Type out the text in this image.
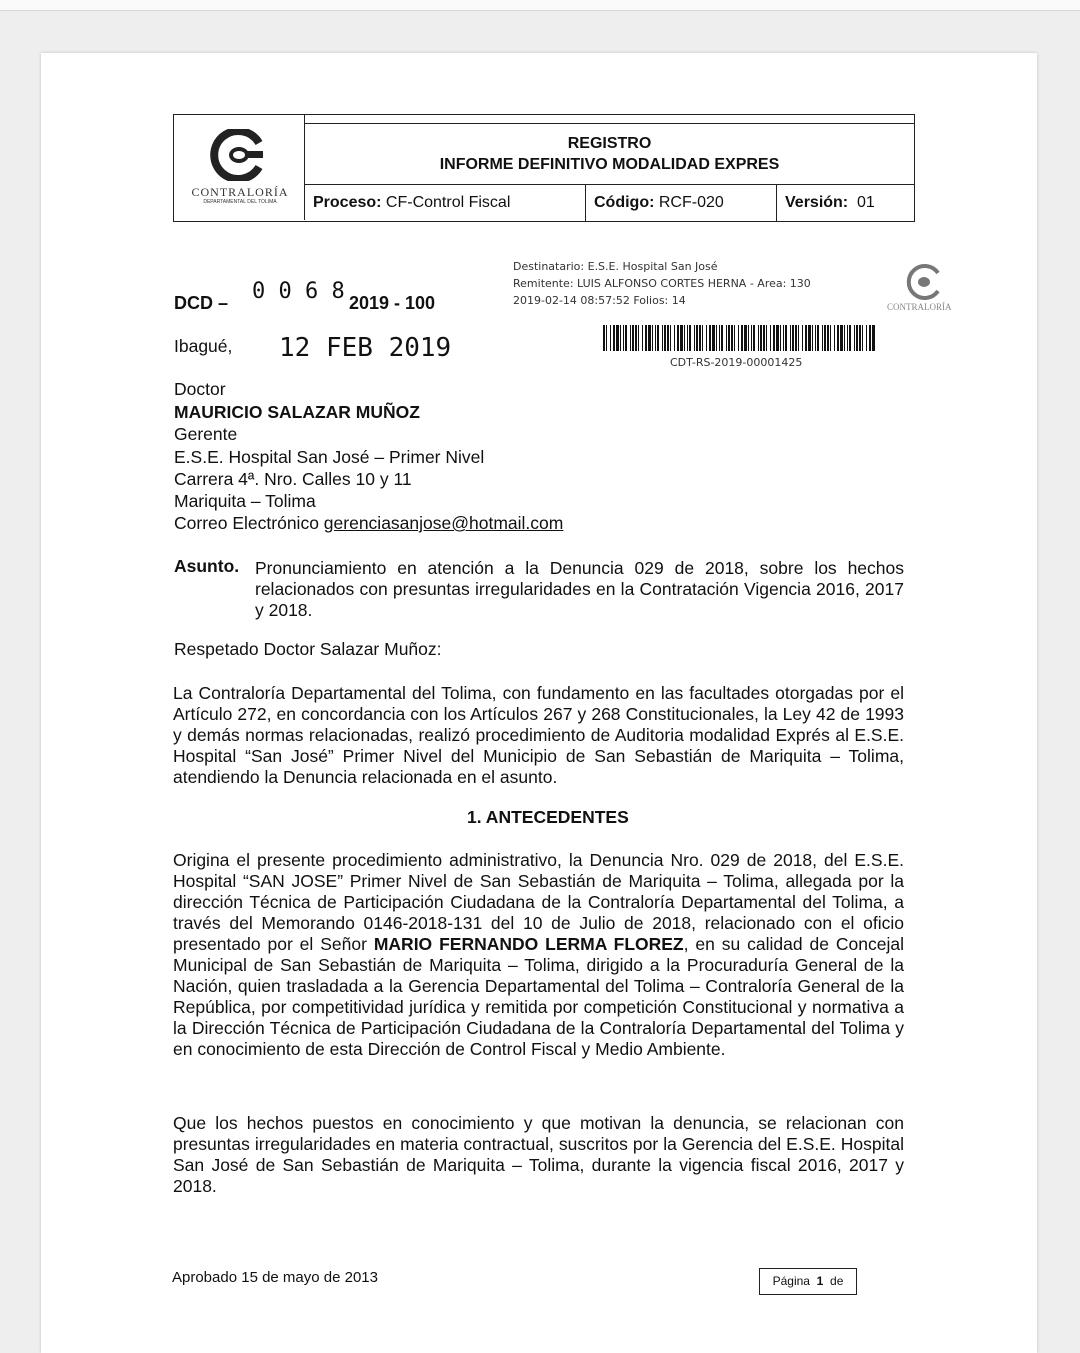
CONTRALORÍA
DEPARTAMENTAL DEL TOLIMA
REGISTRO
INFORME DEFINITIVO MODALIDAD EXPRES
Proceso: CF-Control Fiscal	Código: RCF-020	Versión: 01
DCD – 0 0 6 8 2019 - 100
Destinatario: E.S.E. Hospital San José
Remitente: LUIS ALFONSO CORTES HERNA - Area: 130
2019-02-14 08:57:52 Folios: 14	CONTRALORÍA
CDT-RS-2019-00001425
Ibagué, 12 FEB 2019
Doctor
MAURICIO SALAZAR MUÑOZ
Gerente
E.S.E. Hospital San José – Primer Nivel
Carrera 4ª. Nro. Calles 10 y 11
Mariquita – Tolima
Correo Electrónico gerenciasanjose@hotmail.com
Asunto. Pronunciamiento en atención a la Denuncia 029 de 2018, sobre los hechos relacionados con presuntas irregularidades en la Contratación Vigencia 2016, 2017 y 2018.
Respetado Doctor Salazar Muñoz:
La Contraloría Departamental del Tolima, con fundamento en las facultades otorgadas por el Artículo 272, en concordancia con los Artículos 267 y 268 Constitucionales, la Ley 42 de 1993 y demás normas relacionadas, realizó procedimiento de Auditoria modalidad Exprés al E.S.E. Hospital “San José” Primer Nivel del Municipio de San Sebastián de Mariquita – Tolima, atendiendo la Denuncia relacionada en el asunto.
1. ANTECEDENTES
Origina el presente procedimiento administrativo, la Denuncia Nro. 029 de 2018, del E.S.E. Hospital “SAN JOSE” Primer Nivel de San Sebastián de Mariquita – Tolima, allegada por la dirección Técnica de Participación Ciudadana de la Contraloría Departamental del Tolima, a través del Memorando 0146-2018-131 del 10 de Julio de 2018, relacionado con el oficio presentado por el Señor MARIO FERNANDO LERMA FLOREZ, en su calidad de Concejal Municipal de San Sebastián de Mariquita – Tolima, dirigido a la Procuraduría General de la Nación, quien trasladada a la Gerencia Departamental del Tolima – Contraloría General de la República, por competitividad jurídica y remitida por competición Constitucional y normativa a la Dirección Técnica de Participación Ciudadana de la Contraloría Departamental del Tolima y en conocimiento de esta Dirección de Control Fiscal y Medio Ambiente.
Que los hechos puestos en conocimiento y que motivan la denuncia, se relacionan con presuntas irregularidades en materia contractual, suscritos por la Gerencia del E.S.E. Hospital San José de San Sebastián de Mariquita – Tolima, durante la vigencia fiscal 2016, 2017 y 2018.
Aprobado 15 de mayo de 2013	Página 1 de
